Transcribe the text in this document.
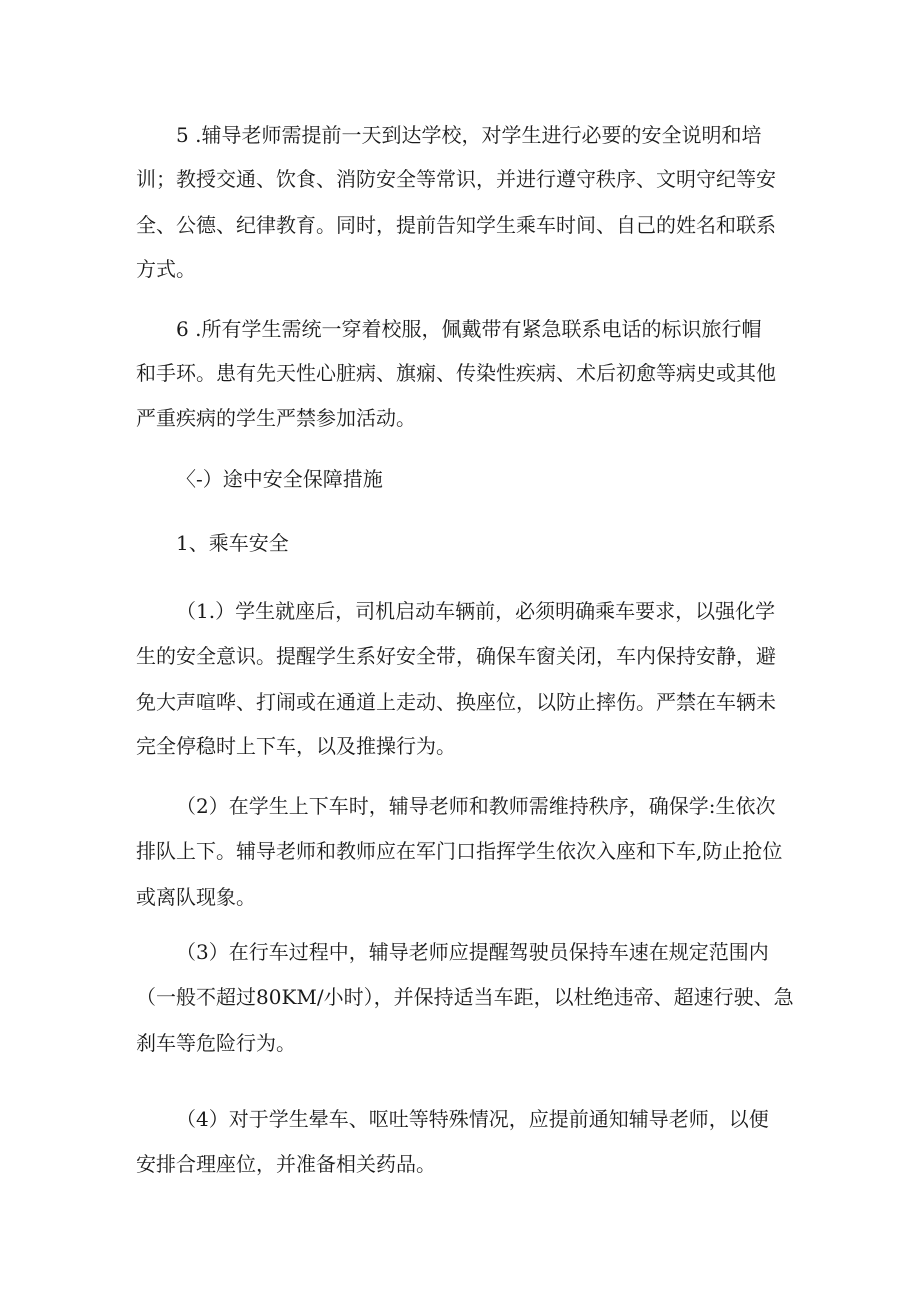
5 .辅导老师需提前一天到达学校，对学生进行必要的安全说明和培
训；教授交通、饮食、消防安全等常识，并进行遵守秩序、文明守纪等安
全、公德、纪律教育。同时，提前告知学生乘车时间、自己的姓名和联系
方式。
6 .所有学生需统一穿着校服，佩戴带有紧急联系电话的标识旅行帽
和手环。患有先天性心脏病、旗痫、传染性疾病、术后初愈等病史或其他
严重疾病的学生严禁参加活动。
〈-）途中安全保障措施
1、乘车安全
（1.）学生就座后，司机启动车辆前，必须明确乘车要求，以强化学
生的安全意识。提醒学生系好安全带，确保车窗关闭，车内保持安静，避
免大声喧哗、打闹或在通道上走动、换座位，以防止摔伤。严禁在车辆未
完全停稳时上下车，以及推操行为。
（2）在学生上下车时，辅导老师和教师需维持秩序，确保学:生依次
排队上下。辅导老师和教师应在军门口指挥学生依次入座和下车,防止抢位
或离队现象。
（3）在行车过程中，辅导老师应提醒驾驶员保持车速在规定范围内
（一般不超过80KM/小时），并保持适当车距，以杜绝违帝、超速行驶、急
刹车等危险行为。
（4）对于学生晕车、呕吐等特殊情况，应提前通知辅导老师，以便
安排合理座位，并准备相关药品。
